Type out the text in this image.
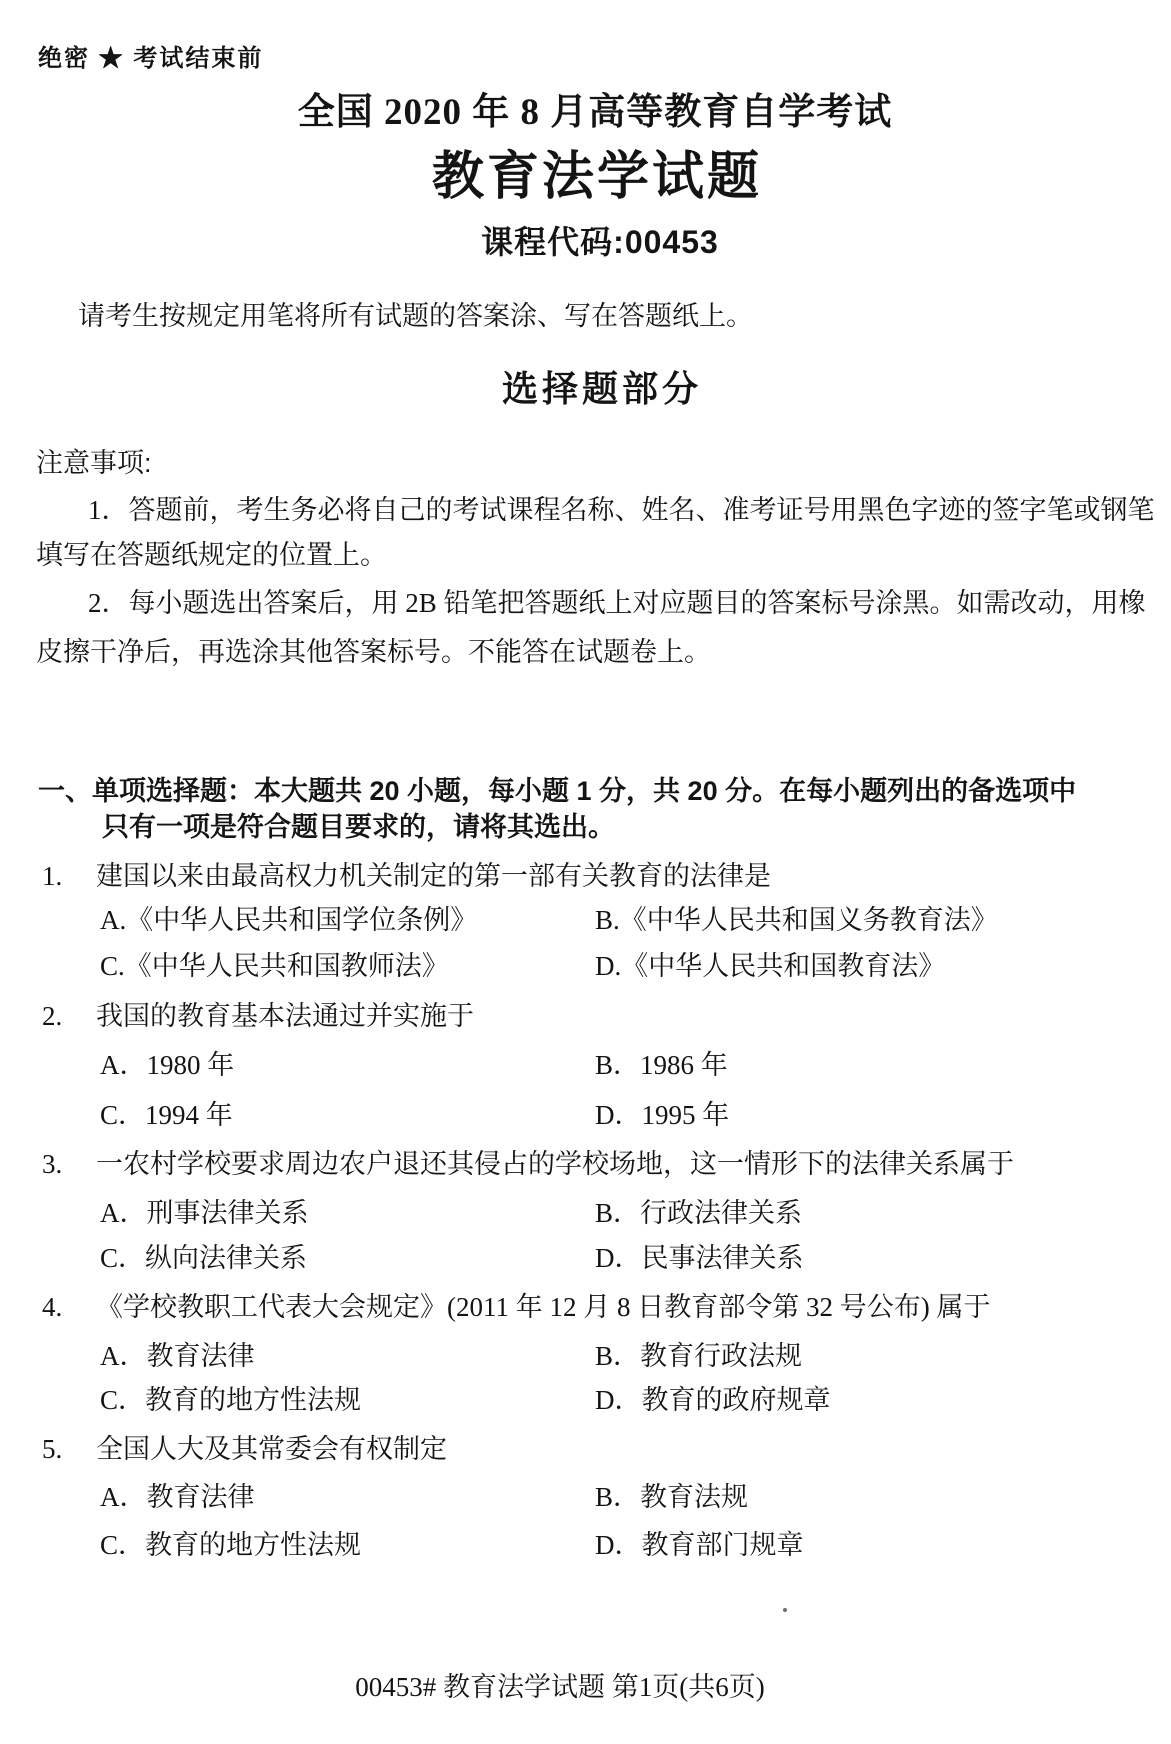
绝密 ★ 考试结束前
全国 2020 年 8 月高等教育自学考试
教育法学试题
课程代码:00453
请考生按规定用笔将所有试题的答案涂、写在答题纸上。
选择题部分
注意事项:
1．答题前，考生务必将自己的考试课程名称、姓名、准考证号用黑色字迹的签字笔或钢笔
填写在答题纸规定的位置上。
2．每小题选出答案后，用 2B 铅笔把答题纸上对应题目的答案标号涂黑。如需改动，用橡
皮擦干净后，再选涂其他答案标号。不能答在试题卷上。
一、单项选择题：本大题共 20 小题，每小题 1 分，共 20 分。在每小题列出的备选项中
只有一项是符合题目要求的，请将其选出。
1. 建国以来由最高权力机关制定的第一部有关教育的法律是
A.《中华人民共和国学位条例》	B.《中华人民共和国义务教育法》
C.《中华人民共和国教师法》	D.《中华人民共和国教育法》
2. 我国的教育基本法通过并实施于
A．1980 年	B．1986 年
C．1994 年	D．1995 年
3. 一农村学校要求周边农户退还其侵占的学校场地，这一情形下的法律关系属于
A．刑事法律关系	B．行政法律关系
C．纵向法律关系	D．民事法律关系
4. 《学校教职工代表大会规定》(2011 年 12 月 8 日教育部令第 32 号公布) 属于
A．教育法律	B．教育行政法规
C．教育的地方性法规	D．教育的政府规章
5. 全国人大及其常委会有权制定
A．教育法律	B．教育法规
C．教育的地方性法规	D．教育部门规章
00453# 教育法学试题 第1页(共6页)
